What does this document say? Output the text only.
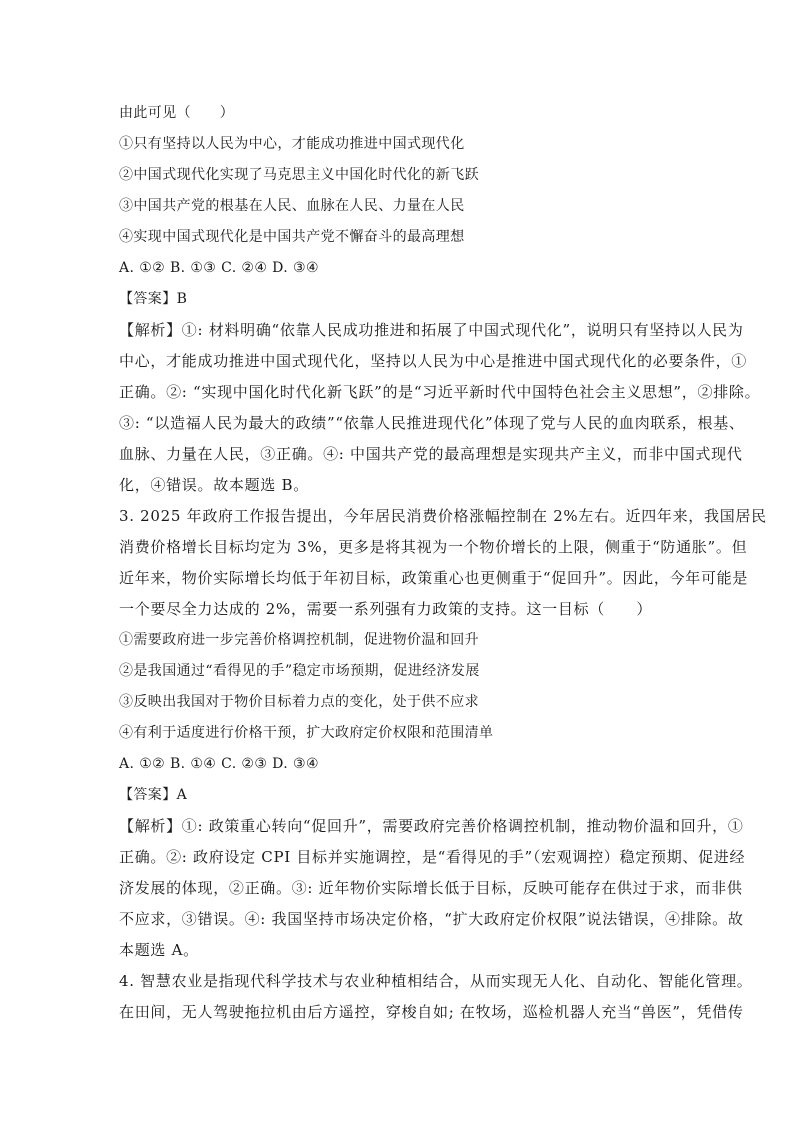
由此可见（　　）
①只有坚持以人民为中心，才能成功推进中国式现代化
②中国式现代化实现了马克思主义中国化时代化的新飞跃
③中国共产党的根基在人民、血脉在人民、力量在人民
④实现中国式现代化是中国共产党不懈奋斗的最高理想
A. ①② B. ①③ C. ②④ D. ③④
【答案】B
【解析】①: 材料明确“依靠人民成功推进和拓展了中国式现代化”，说明只有坚持以人民为
中心，才能成功推进中国式现代化，坚持以人民为中心是推进中国式现代化的必要条件，①
正确。②: “实现中国化时代化新飞跃”的是“习近平新时代中国特色社会主义思想”，②排除。
③: “以造福人民为最大的政绩”“依靠人民推进现代化”体现了党与人民的血肉联系，根基、
血脉、力量在人民，③正确。④: 中国共产党的最高理想是实现共产主义，而非中国式现代
化，④错误。故本题选 B。
3. 2025 年政府工作报告提出，今年居民消费价格涨幅控制在 2%左右。近四年来，我国居民
消费价格增长目标均定为 3%，更多是将其视为一个物价增长的上限，侧重于“防通胀”。但
近年来，物价实际增长均低于年初目标，政策重心也更侧重于“促回升”。因此，今年可能是
一个要尽全力达成的 2%，需要一系列强有力政策的支持。这一目标（　　）
①需要政府进一步完善价格调控机制，促进物价温和回升
②是我国通过“看得见的手”稳定市场预期，促进经济发展
③反映出我国对于物价目标着力点的变化，处于供不应求
④有利于适度进行价格干预，扩大政府定价权限和范围清单
A. ①② B. ①④ C. ②③ D. ③④
【答案】A
【解析】①: 政策重心转向“促回升”，需要政府完善价格调控机制，推动物价温和回升，①
正确。②: 政府设定 CPI 目标并实施调控，是“看得见的手”（宏观调控）稳定预期、促进经
济发展的体现，②正确。③: 近年物价实际增长低于目标，反映可能存在供过于求，而非供
不应求，③错误。④: 我国坚持市场决定价格，“扩大政府定价权限”说法错误，④排除。故
本题选 A。
4. 智慧农业是指现代科学技术与农业种植相结合，从而实现无人化、自动化、智能化管理。
在田间，无人驾驶拖拉机由后方遥控，穿梭自如; 在牧场，巡检机器人充当“兽医”，凭借传
